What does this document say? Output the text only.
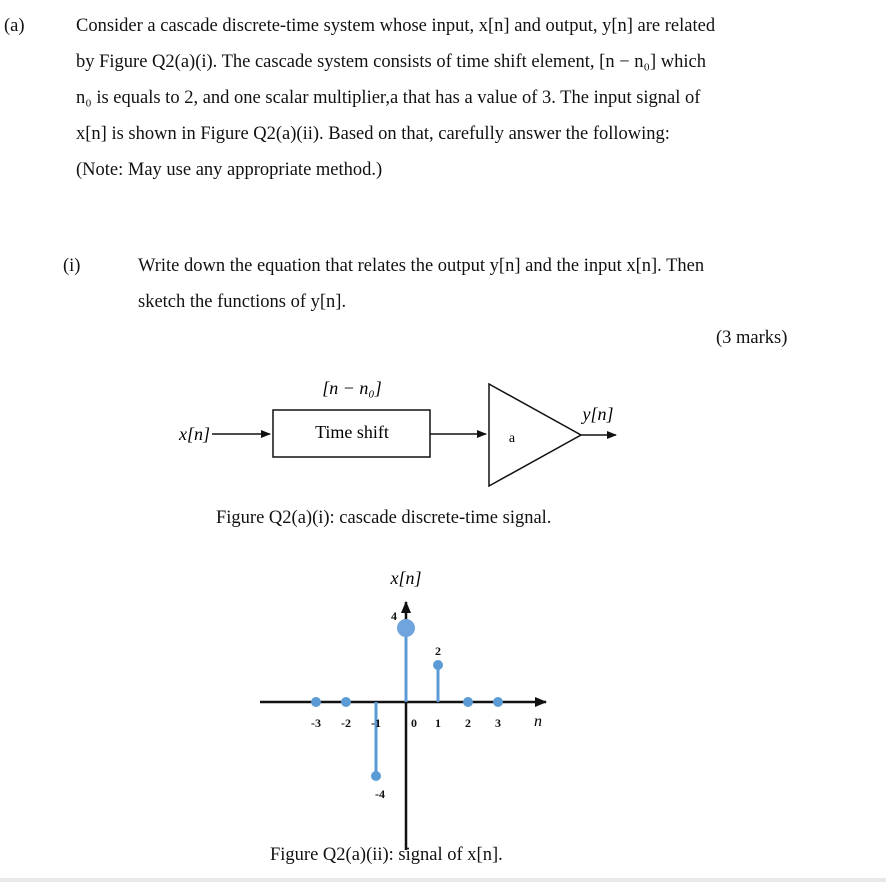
(a)	Consider a cascade discrete-time system whose input, x[n] and output, y[n] are related
by Figure Q2(a)(i). The cascade system consists of time shift element, [n − n₀] which
n₀ is equals to 2, and one scalar multiplier,a that has a value of 3. The input signal of
x[n] is shown in Figure Q2(a)(ii). Based on that, carefully answer the following:
(Note: May use any appropriate method.)
(i)	Write down the equation that relates the output y[n] and the input x[n]. Then
sketch the functions of y[n].
(3 marks)
x[n]
[n − n₀]
Time shift	a
y[n]
Figure Q2(a)(i): cascade discrete-time signal.
x[n]
n
-3 -2 -1	0 1 2 3
4
2
-4
Figure Q2(a)(ii): signal of x[n].
